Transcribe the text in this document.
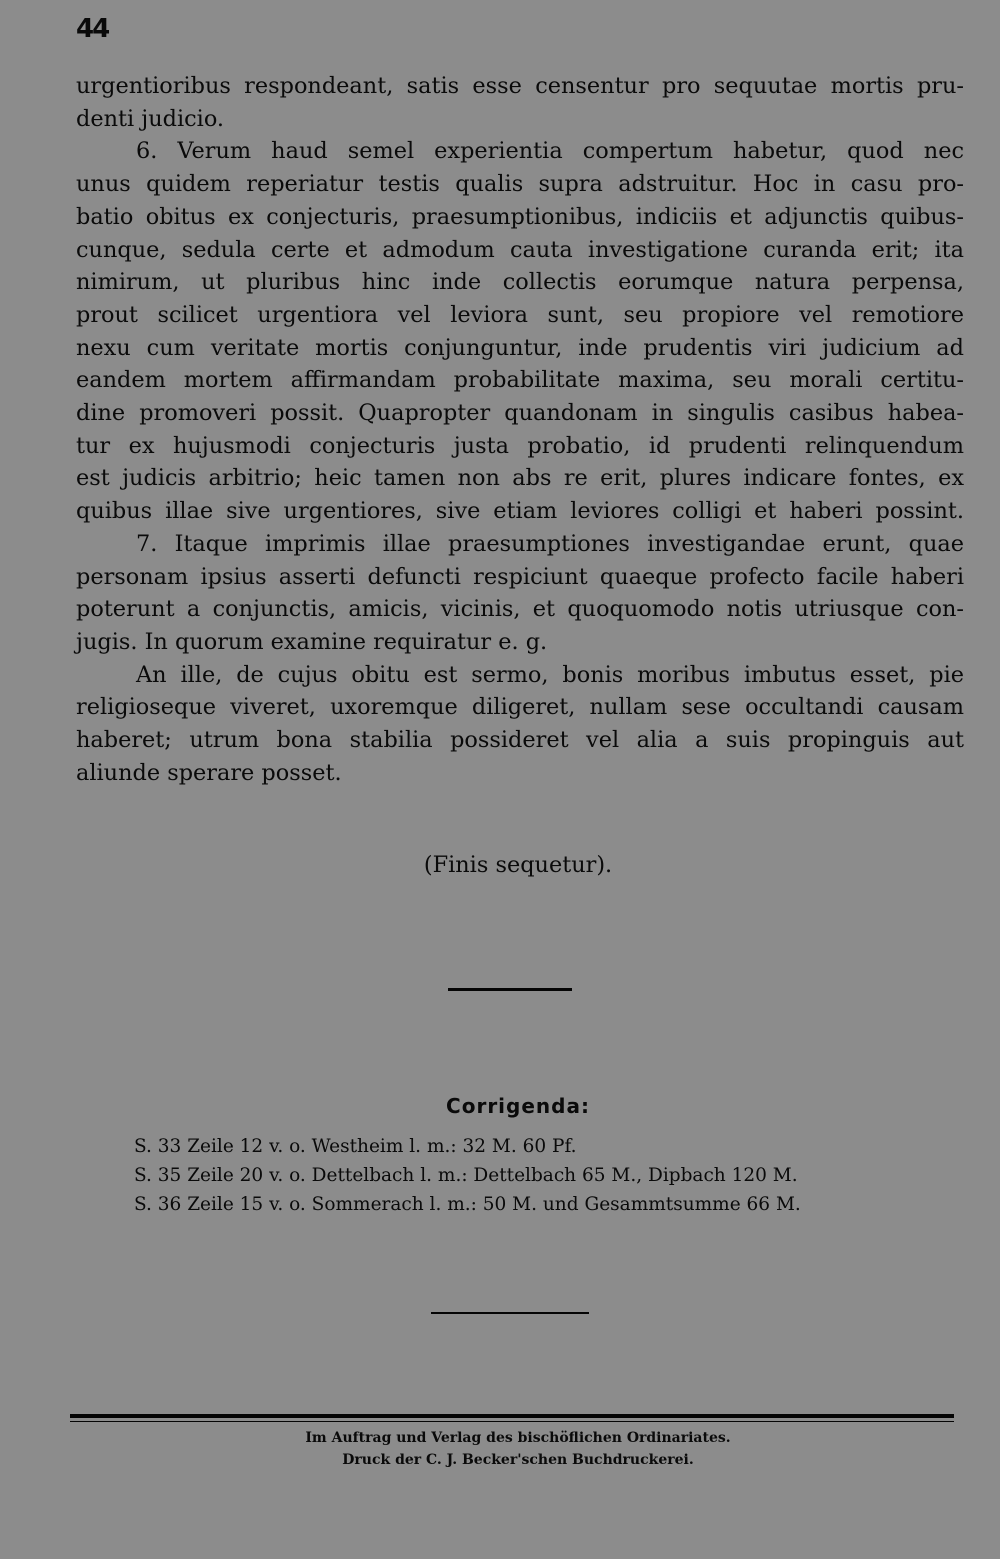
44
urgentioribus respondeant, satis esse censentur pro sequutae mortis pru-
denti judicio.
6. Verum haud semel experientia compertum habetur, quod nec
unus quidem reperiatur testis qualis supra adstruitur. Hoc in casu pro-
batio obitus ex conjecturis, praesumptionibus, indiciis et adjunctis quibus-
cunque, sedula certe et admodum cauta investigatione curanda erit; ita
nimirum, ut pluribus hinc inde collectis eorumque natura perpensa,
prout scilicet urgentiora vel leviora sunt, seu propiore vel remotiore
nexu cum veritate mortis conjunguntur, inde prudentis viri judicium ad
eandem mortem affirmandam probabilitate maxima, seu morali certitu-
dine promoveri possit. Quapropter quandonam in singulis casibus habea-
tur ex hujusmodi conjecturis justa probatio, id prudenti relinquendum
est judicis arbitrio; heic tamen non abs re erit, plures indicare fontes, ex
quibus illae sive urgentiores, sive etiam leviores colligi et haberi possint.
7. Itaque imprimis illae praesumptiones investigandae erunt, quae
personam ipsius asserti defuncti respiciunt quaeque profecto facile haberi
poterunt a conjunctis, amicis, vicinis, et quoquomodo notis utriusque con-
jugis. In quorum examine requiratur e. g.
An ille, de cujus obitu est sermo, bonis moribus imbutus esset, pie
religioseque viveret, uxoremque diligeret, nullam sese occultandi causam
haberet; utrum bona stabilia possideret vel alia a suis propinguis aut
aliunde sperare posset.
(Finis sequetur).
Corrigenda:
S. 33 Zeile 12 v. o. Westheim l. m.: 32 M. 60 Pf.
S. 35 Zeile 20 v. o. Dettelbach l. m.: Dettelbach 65 M., Dipbach 120 M.
S. 36 Zeile 15 v. o. Sommerach l. m.: 50 M. und Gesammtsumme 66 M.
Im Auftrag und Verlag des bischöflichen Ordinariates.
Druck der C. J. Becker'schen Buchdruckerei.
